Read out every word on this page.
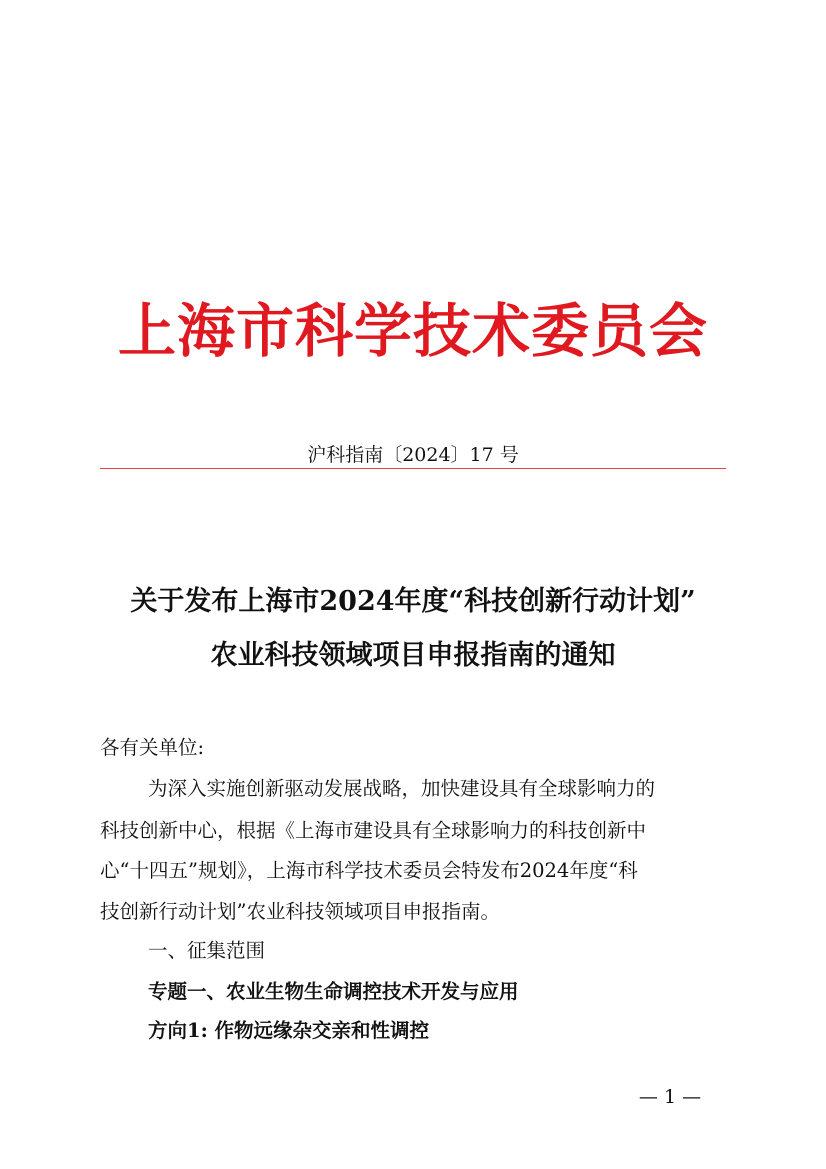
上海市科学技术委员会
沪科指南〔2024〕17 号
关于发布上海市2024年度“科技创新行动计划”
农业科技领域项目申报指南的通知
各有关单位:
为深入实施创新驱动发展战略，加快建设具有全球影响力的
科技创新中心，根据《上海市建设具有全球影响力的科技创新中
心“十四五”规划》，上海市科学技术委员会特发布2024年度“科
技创新行动计划”农业科技领域项目申报指南。
一、征集范围
专题一、农业生物生命调控技术开发与应用
方向1: 作物远缘杂交亲和性调控
— 1 —
